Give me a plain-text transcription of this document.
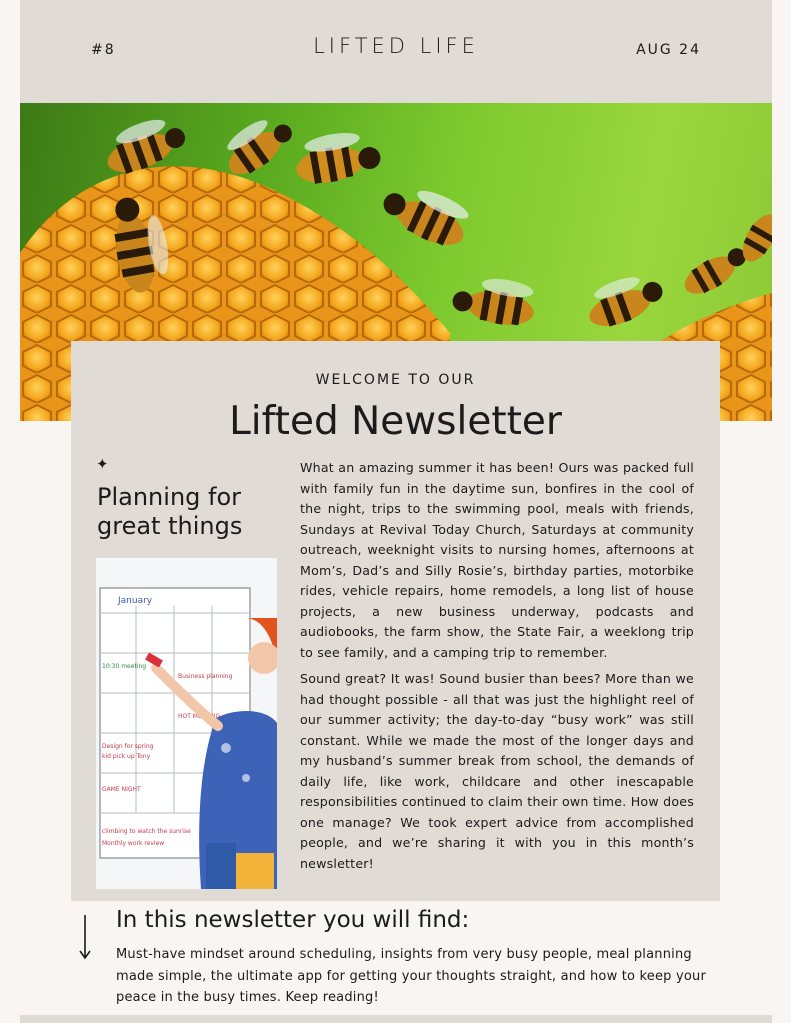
#8	LIFTED LIFE	AUG 24
WELCOME TO OUR
Lifted Newsletter
✦
Planning for great things
January
10:30 meeting
Design for spring
kid pick up Tony
GAME NIGHT
climbing to watch the sunrise
Monthly work review
Business planning
HOT MEETING

What an amazing summer it has been! Ours was packed full with family fun in the daytime sun, bonfires in the cool of the night, trips to the swimming pool, meals with friends, Sundays at Revival Today Church, Saturdays at community outreach, weeknight visits to nursing homes, afternoons at Mom’s, Dad’s and Silly Rosie’s, birthday parties, motorbike rides, vehicle repairs, home remodels, a long list of house projects, a new business underway, podcasts and audiobooks, the farm show, the State Fair, a weeklong trip to see family, and a camping trip to remember.

Sound great? It was! Sound busier than bees? More than we had thought possible - all that was just the highlight reel of our summer activity; the day-to-day “busy work” was still constant. While we made the most of the longer days and my husband’s summer break from school, the demands of daily life, like work, childcare and other inescapable responsibilities continued to claim their own time. How does one manage? We took expert advice from accomplished people, and we’re sharing it with you in this month’s newsletter!

In this newsletter you will find:
Must-have mindset around scheduling, insights from very busy people, meal planning made simple, the ultimate app for getting your thoughts straight, and how to keep your peace in the busy times. Keep reading!
